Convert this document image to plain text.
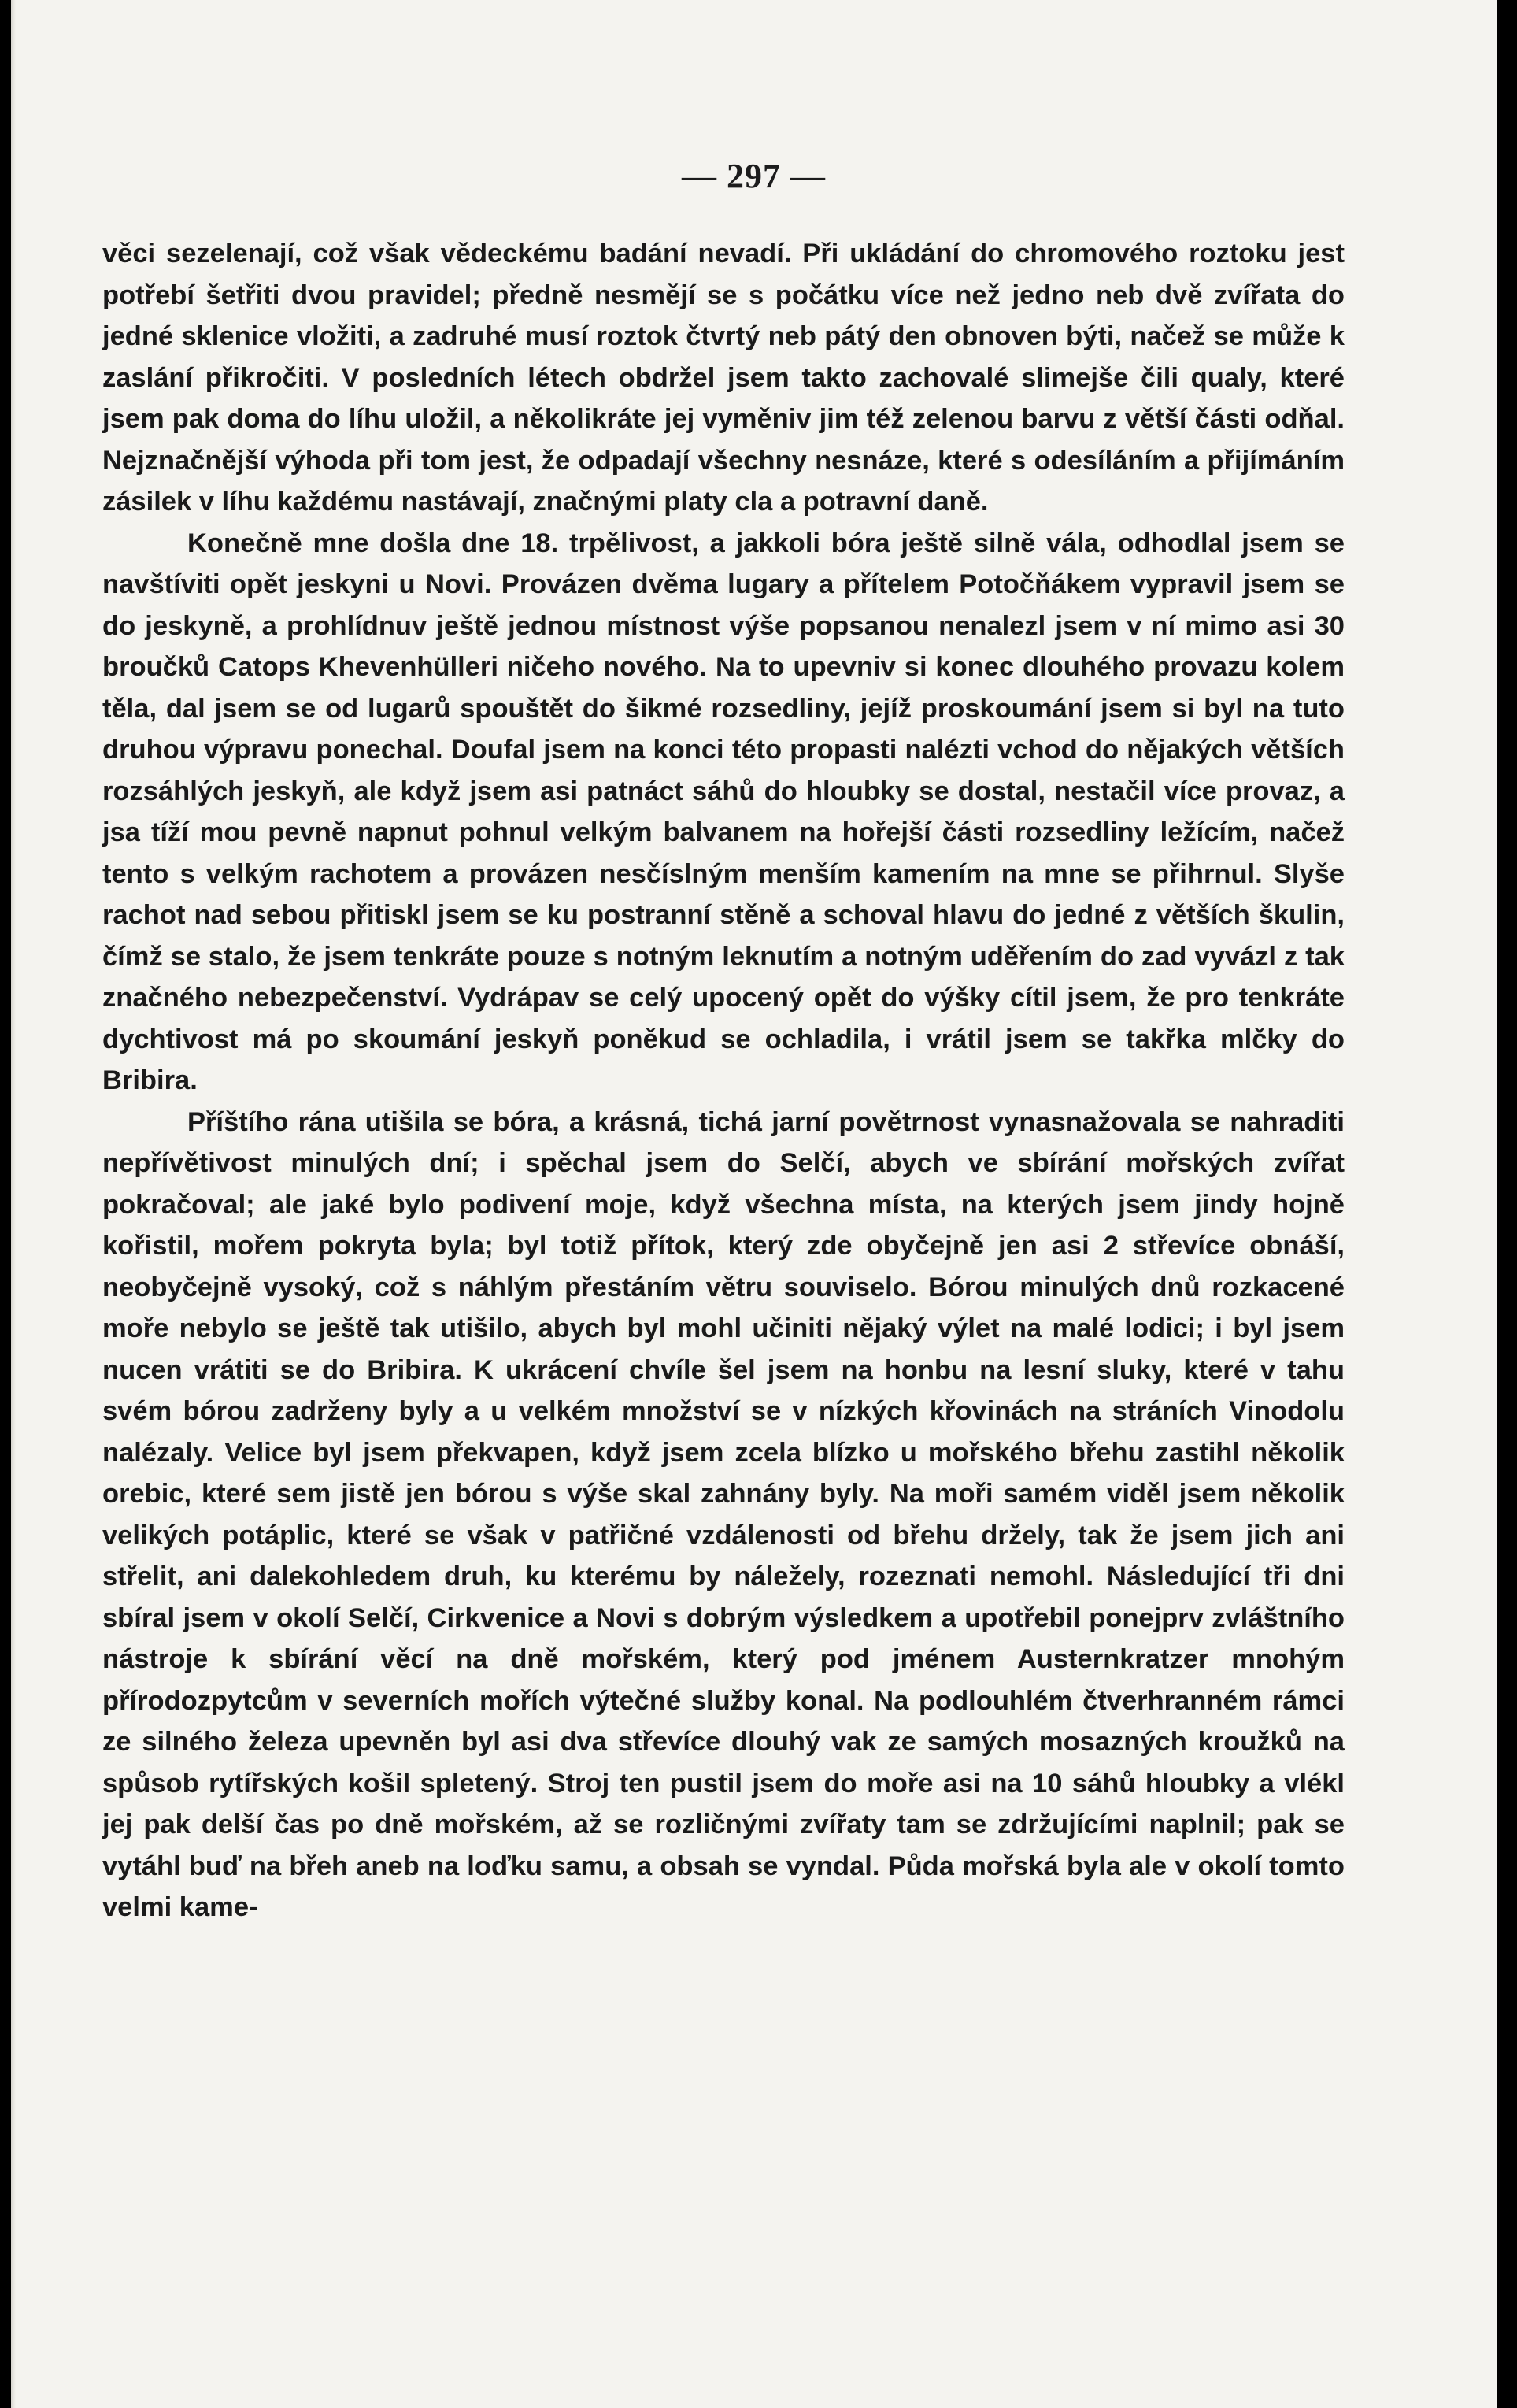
— 297 —

věci sezelenají, což však vědeckému badání nevadí. Při ukládání do chromového roztoku jest potřebí šetřiti dvou pravidel; předně nesmějí se s počátku více než jedno neb dvě zvířata do jedné sklenice vložiti, a zadruhé musí roztok čtvrtý neb pátý den obnoven býti, načež se může k zaslání přikročiti. V posledních létech obdržel jsem takto zachovalé slimejše čili qualy, které jsem pak doma do líhu uložil, a několikráte jej vyměniv jim též zelenou barvu z větší části odňal. Nejznačnější výhoda při tom jest, že odpadají všechny nesnáze, které s odesíláním a přijímáním zásilek v líhu každému nastávají, značnými platy cla a potravní daně.

Konečně mne došla dne 18. trpělivost, a jakkoli bóra ještě silně vála, odhodlal jsem se navštíviti opět jeskyni u Novi. Provázen dvěma lugary a přítelem Potočňákem vypravil jsem se do jeskyně, a prohlídnuv ještě jednou místnost výše popsanou nenalezl jsem v ní mimo asi 30 broučků Catops Khevenhülleri ničeho nového. Na to upevniv si konec dlouhého provazu kolem těla, dal jsem se od lugarů spouštět do šikmé rozsedliny, jejíž proskoumání jsem si byl na tuto druhou výpravu ponechal. Doufal jsem na konci této propasti nalézti vchod do nějakých větších rozsáhlých jeskyň, ale když jsem asi patnáct sáhů do hloubky se dostal, nestačil více provaz, a jsa tíží mou pevně napnut pohnul velkým balvanem na hořejší části rozsedliny ležícím, načež tento s velkým rachotem a provázen nesčíslným menším kamením na mne se přihrnul. Slyše rachot nad sebou přitiskl jsem se ku postranní stěně a schoval hlavu do jedné z větších škulin, čímž se stalo, že jsem tenkráte pouze s notným leknutím a notným uděřením do zad vyvázl z tak značného nebezpečenství. Vydrápav se celý upocený opět do výšky cítil jsem, že pro tenkráte dychtivost má po skoumání jeskyň poněkud se ochladila, i vrátil jsem se takřka mlčky do Bribira.

Příštího rána utišila se bóra, a krásná, tichá jarní povětrnost vynasnažovala se nahraditi nepřívětivost minulých dní; i spěchal jsem do Selčí, abych ve sbírání mořských zvířat pokračoval; ale jaké bylo podivení moje, když všechna místa, na kterých jsem jindy hojně kořistil, mořem pokryta byla; byl totiž přítok, který zde obyčejně jen asi 2 střevíce obnáší, neobyčejně vysoký, což s náhlým přestáním větru souviselo. Bórou minulých dnů rozkacené moře nebylo se ještě tak utišilo, abych byl mohl učiniti nějaký výlet na malé lodici; i byl jsem nucen vrátiti se do Bribira. K ukrácení chvíle šel jsem na honbu na lesní sluky, které v tahu svém bórou zadrženy byly a u velkém množství se v nízkých křovinách na stráních Vinodolu nalézaly. Velice byl jsem překvapen, když jsem zcela blízko u mořského břehu zastihl několik orebic, které sem jistě jen bórou s výše skal zahnány byly. Na moři samém viděl jsem několik velikých potáplic, které se však v patřičné vzdálenosti od břehu držely, tak že jsem jich ani střelit, ani dalekohledem druh, ku kterému by náležely, rozeznati nemohl. Následující tři dni sbíral jsem v okolí Selčí, Cirkvenice a Novi s dobrým výsledkem a upotřebil ponejprv zvláštního nástroje k sbírání věcí na dně mořském, který pod jménem Austernkratzer mnohým přírodozpytcům v severních mořích výtečné služby konal. Na podlouhlém čtverhranném rámci ze silného železa upevněn byl asi dva střevíce dlouhý vak ze samých mosazných kroužků na spůsob rytířských košil spletený. Stroj ten pustil jsem do moře asi na 10 sáhů hloubky a vlékl jej pak delší čas po dně mořském, až se rozličnými zvířaty tam se zdržujícími naplnil; pak se vytáhl buď na břeh aneb na loďku samu, a obsah se vyndal. Půda mořská byla ale v okolí tomto velmi kame-
